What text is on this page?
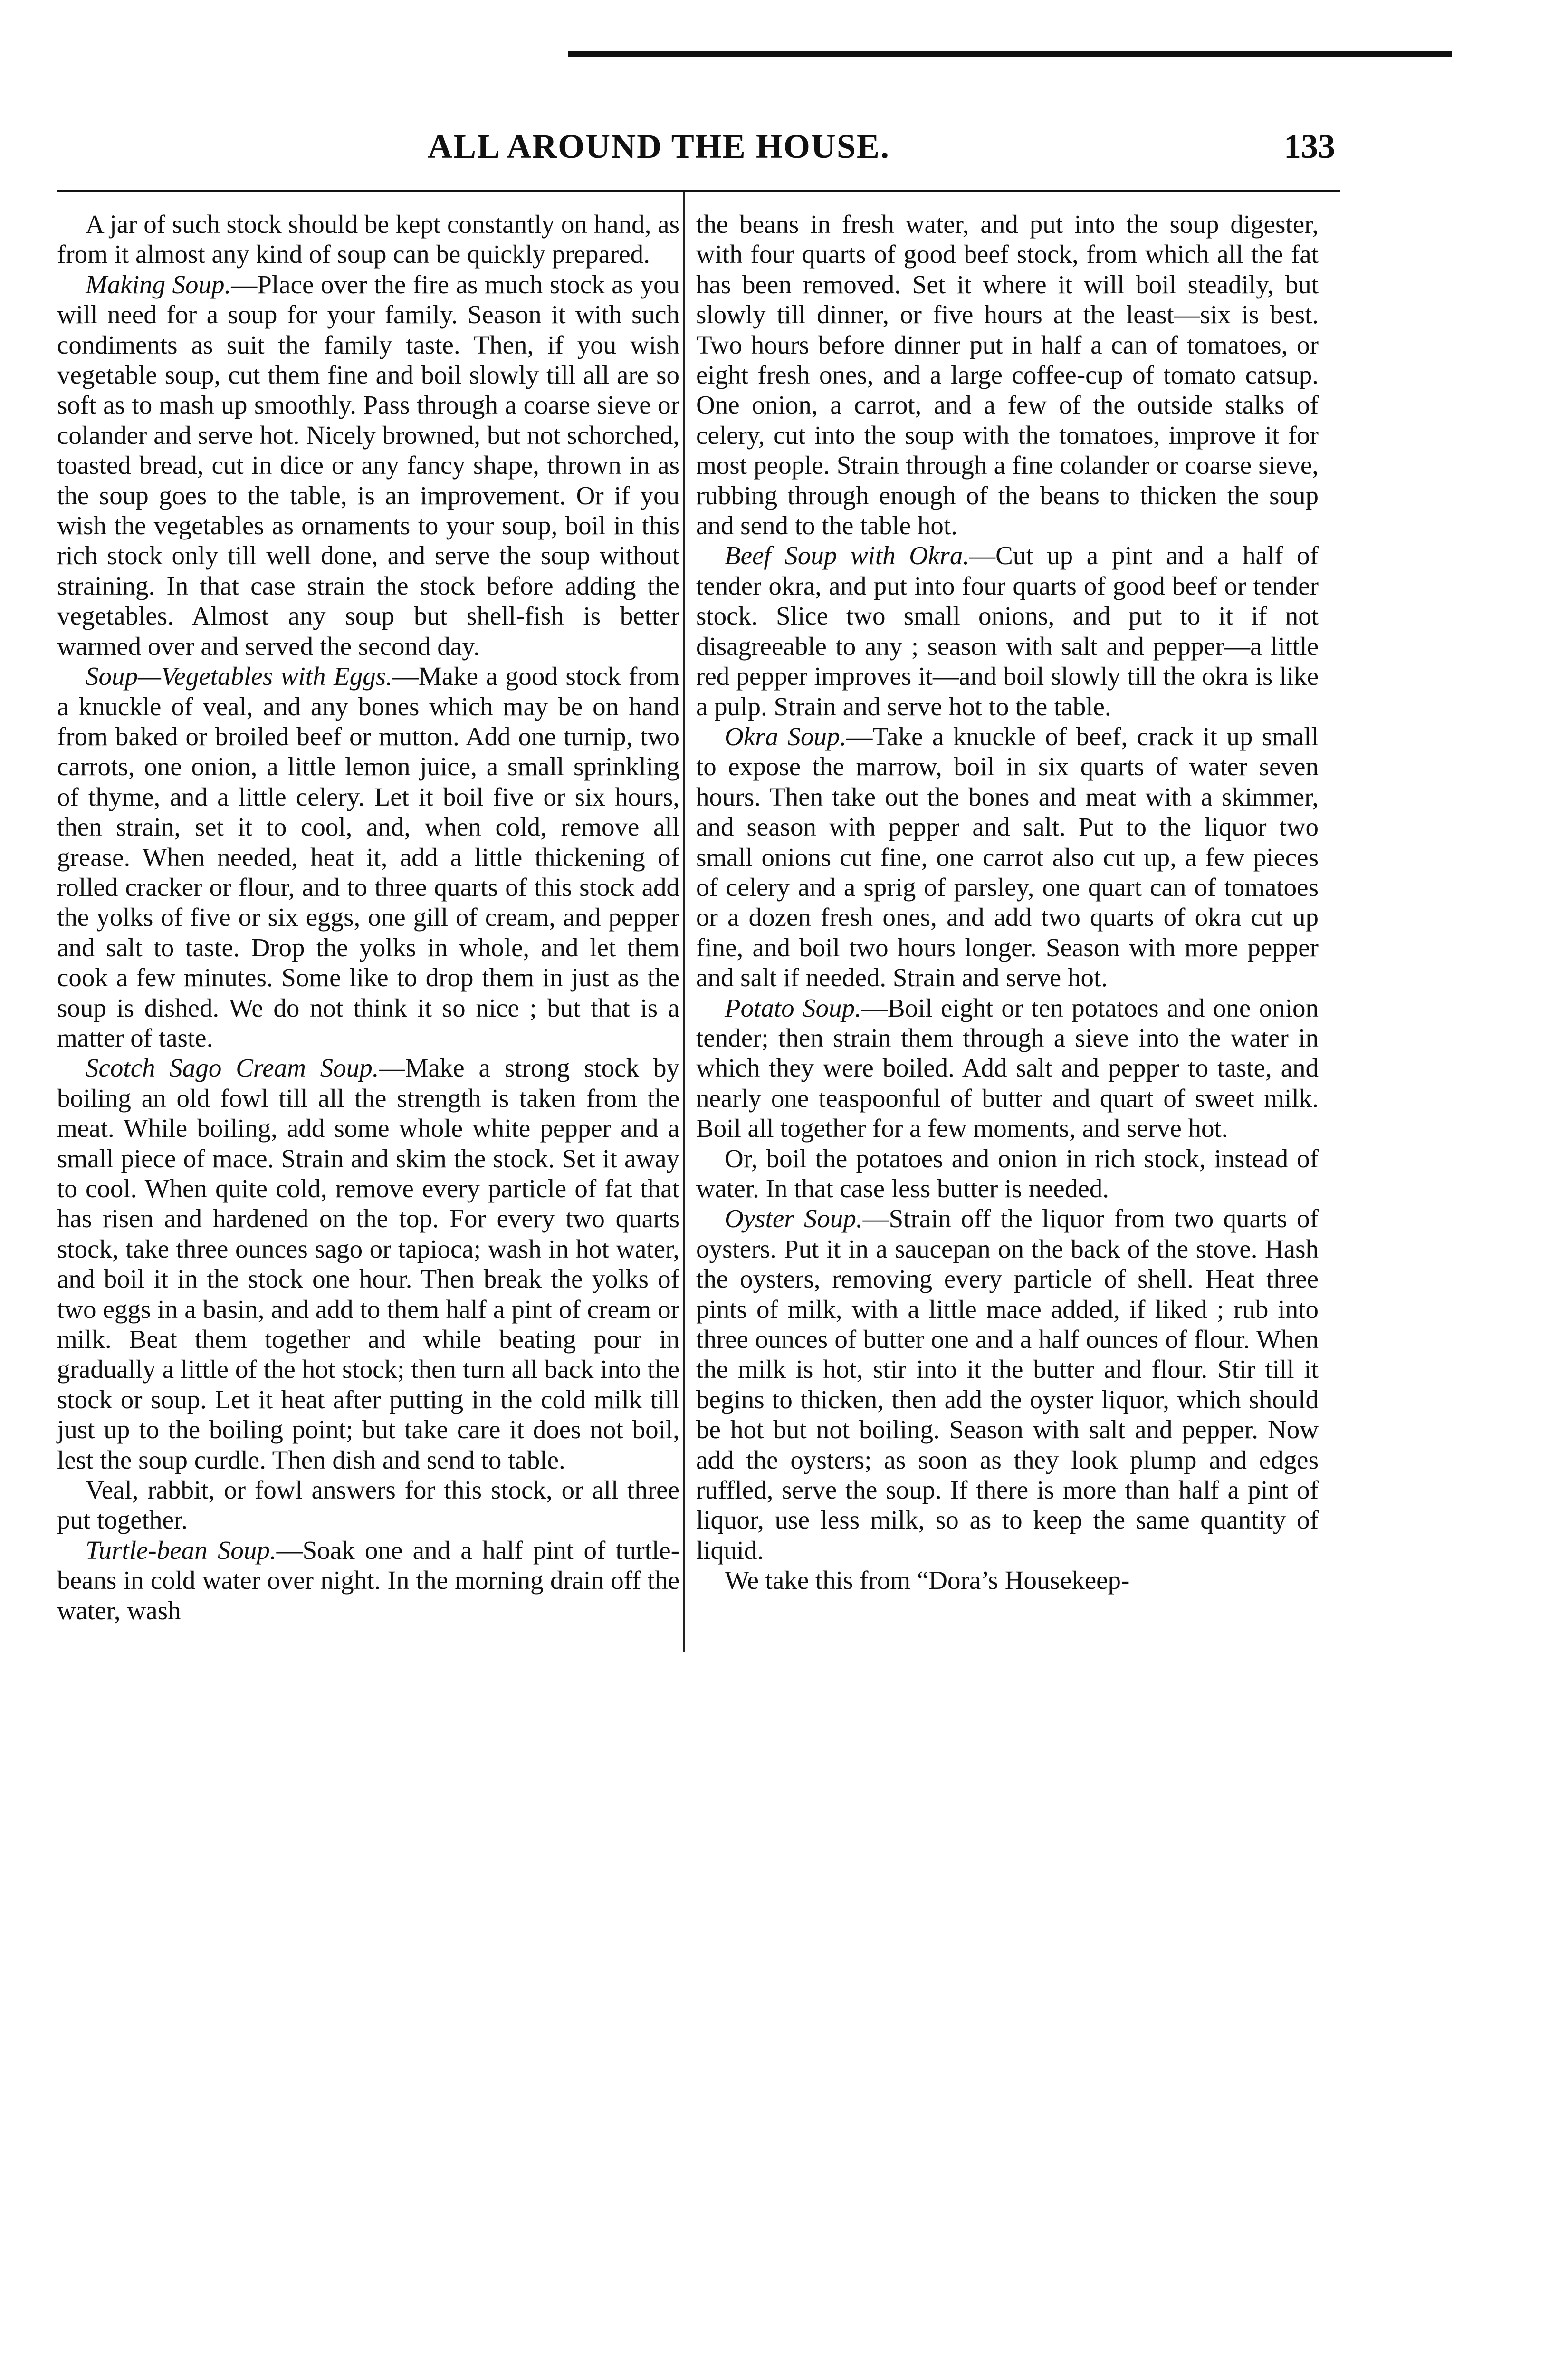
ALL AROUND THE HOUSE.	133

A jar of such stock should be kept constantly on hand, as from it almost any kind of soup can be quickly prepared.

Making Soup.—Place over the fire as much stock as you will need for a soup for your family. Season it with such condiments as suit the family taste. Then, if you wish vegetable soup, cut them fine and boil slowly till all are so soft as to mash up smoothly. Pass through a coarse sieve or colander and serve hot. Nicely browned, but not schorched, toasted bread, cut in dice or any fancy shape, thrown in as the soup goes to the table, is an improvement. Or if you wish the vegetables as ornaments to your soup, boil in this rich stock only till well done, and serve the soup without straining. In that case strain the stock before adding the vegetables. Almost any soup but shell-fish is better warmed over and served the second day.

Soup—Vegetables with Eggs.—Make a good stock from a knuckle of veal, and any bones which may be on hand from baked or broiled beef or mutton. Add one turnip, two carrots, one onion, a little lemon juice, a small sprinkling of thyme, and a little celery. Let it boil five or six hours, then strain, set it to cool, and, when cold, remove all grease. When needed, heat it, add a little thickening of rolled cracker or flour, and to three quarts of this stock add the yolks of five or six eggs, one gill of cream, and pepper and salt to taste. Drop the yolks in whole, and let them cook a few minutes. Some like to drop them in just as the soup is dished. We do not think it so nice ; but that is a matter of taste.

Scotch Sago Cream Soup.—Make a strong stock by boiling an old fowl till all the strength is taken from the meat. While boiling, add some whole white pepper and a small piece of mace. Strain and skim the stock. Set it away to cool. When quite cold, remove every particle of fat that has risen and hardened on the top. For every two quarts stock, take three ounces sago or tapioca; wash in hot water, and boil it in the stock one hour. Then break the yolks of two eggs in a basin, and add to them half a pint of cream or milk. Beat them together and while beating pour in gradually a little of the hot stock; then turn all back into the stock or soup. Let it heat after putting in the cold milk till just up to the boiling point; but take care it does not boil, lest the soup curdle. Then dish and send to table.

Veal, rabbit, or fowl answers for this stock, or all three put together.

Turtle-bean Soup.—Soak one and a half pint of turtle-beans in cold water over night. In the morning drain off the water, wash

the beans in fresh water, and put into the soup digester, with four quarts of good beef stock, from which all the fat has been removed. Set it where it will boil steadily, but slowly till dinner, or five hours at the least—six is best. Two hours before dinner put in half a can of tomatoes, or eight fresh ones, and a large coffee-cup of tomato catsup. One onion, a carrot, and a few of the outside stalks of celery, cut into the soup with the tomatoes, improve it for most people. Strain through a fine colander or coarse sieve, rubbing through enough of the beans to thicken the soup and send to the table hot.

Beef Soup with Okra.—Cut up a pint and a half of tender okra, and put into four quarts of good beef or tender stock. Slice two small onions, and put to it if not disagreeable to any ; season with salt and pepper—a little red pepper improves it—and boil slowly till the okra is like a pulp. Strain and serve hot to the table.

Okra Soup.—Take a knuckle of beef, crack it up small to expose the marrow, boil in six quarts of water seven hours. Then take out the bones and meat with a skimmer, and season with pepper and salt. Put to the liquor two small onions cut fine, one carrot also cut up, a few pieces of celery and a sprig of parsley, one quart can of tomatoes or a dozen fresh ones, and add two quarts of okra cut up fine, and boil two hours longer. Season with more pepper and salt if needed. Strain and serve hot.

Potato Soup.—Boil eight or ten potatoes and one onion tender; then strain them through a sieve into the water in which they were boiled. Add salt and pepper to taste, and nearly one teaspoonful of butter and quart of sweet milk. Boil all together for a few moments, and serve hot.

Or, boil the potatoes and onion in rich stock, instead of water. In that case less butter is needed.

Oyster Soup.—Strain off the liquor from two quarts of oysters. Put it in a saucepan on the back of the stove. Hash the oysters, removing every particle of shell. Heat three pints of milk, with a little mace added, if liked ; rub into three ounces of butter one and a half ounces of flour. When the milk is hot, stir into it the butter and flour. Stir till it begins to thicken, then add the oyster liquor, which should be hot but not boiling. Season with salt and pepper. Now add the oysters; as soon as they look plump and edges ruffled, serve the soup. If there is more than half a pint of liquor, use less milk, so as to keep the same quantity of liquid.

We take this from “Dora’s Housekeep-
